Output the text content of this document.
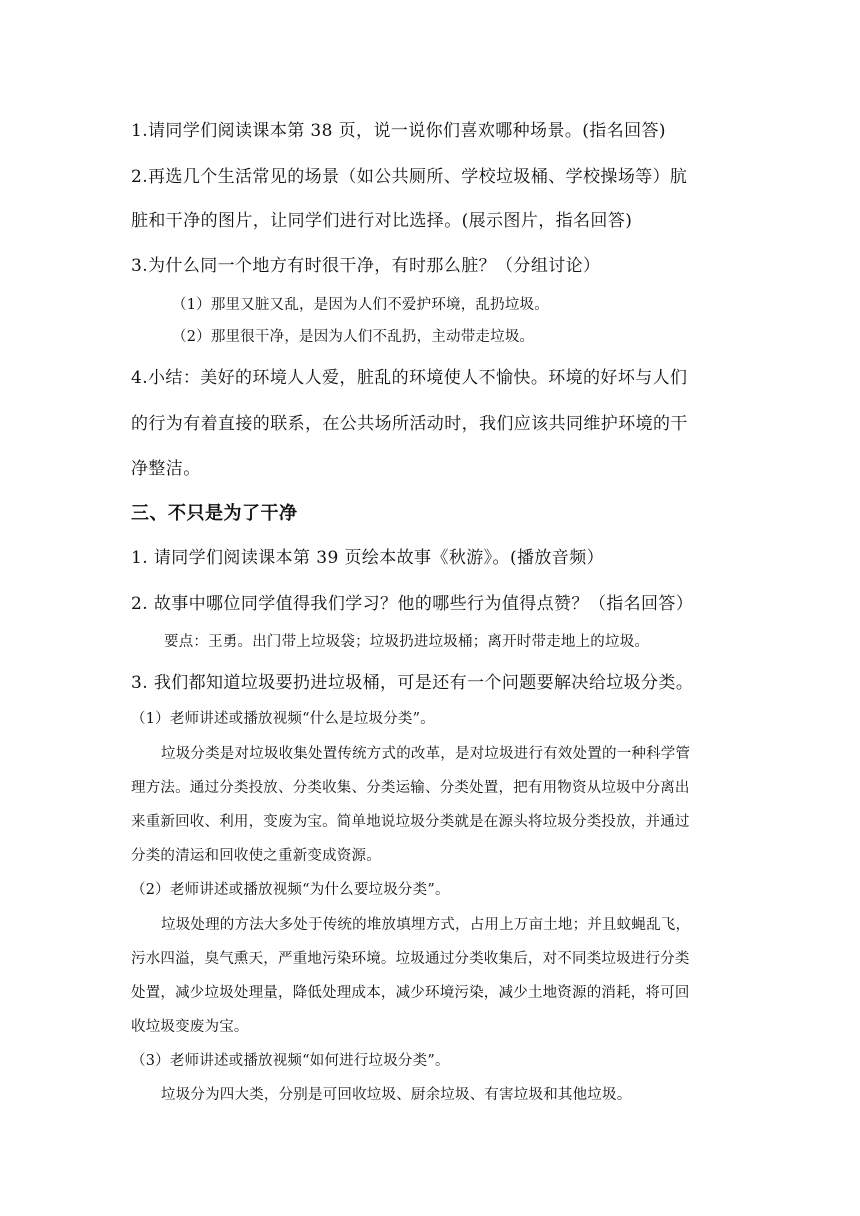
1.请同学们阅读课本第 38 页，说一说你们喜欢哪种场景。(指名回答)
2.再选几个生活常见的场景（如公共厕所、学校垃圾桶、学校操场等）肮
脏和干净的图片，让同学们进行对比选择。(展示图片，指名回答)
3.为什么同一个地方有时很干净，有时那么脏？（分组讨论）
（1）那里又脏又乱，是因为人们不爱护环境，乱扔垃圾。
（2）那里很干净，是因为人们不乱扔，主动带走垃圾。
4.小结：美好的环境人人爱，脏乱的环境使人不愉快。环境的好坏与人们
的行为有着直接的联系，在公共场所活动时，我们应该共同维护环境的干
净整洁。
三、不只是为了干净
1. 请同学们阅读课本第 39 页绘本故事《秋游》。(播放音频）
2. 故事中哪位同学值得我们学习？他的哪些行为值得点赞？（指名回答）
要点：王勇。出门带上垃圾袋；垃圾扔进垃圾桶；离开时带走地上的垃圾。
3. 我们都知道垃圾要扔进垃圾桶，可是还有一个问题要解决给垃圾分类。
（1）老师讲述或播放视频“什么是垃圾分类”。
垃圾分类是对垃圾收集处置传统方式的改革，是对垃圾进行有效处置的一种科学管
理方法。通过分类投放、分类收集、分类运输、分类处置，把有用物资从垃圾中分离出
来重新回收、利用，变废为宝。简单地说垃圾分类就是在源头将垃圾分类投放，并通过
分类的清运和回收使之重新变成资源。
（2）老师讲述或播放视频“为什么要垃圾分类”。
垃圾处理的方法大多处于传统的堆放填埋方式，占用上万亩土地；并且蚊蝇乱飞，
污水四溢，臭气熏天，严重地污染环境。垃圾通过分类收集后，对不同类垃圾进行分类
处置，减少垃圾处理量，降低处理成本，减少环境污染，减少土地资源的消耗，将可回
收垃圾变废为宝。
（3）老师讲述或播放视频“如何进行垃圾分类”。
垃圾分为四大类，分别是可回收垃圾、厨余垃圾、有害垃圾和其他垃圾。
